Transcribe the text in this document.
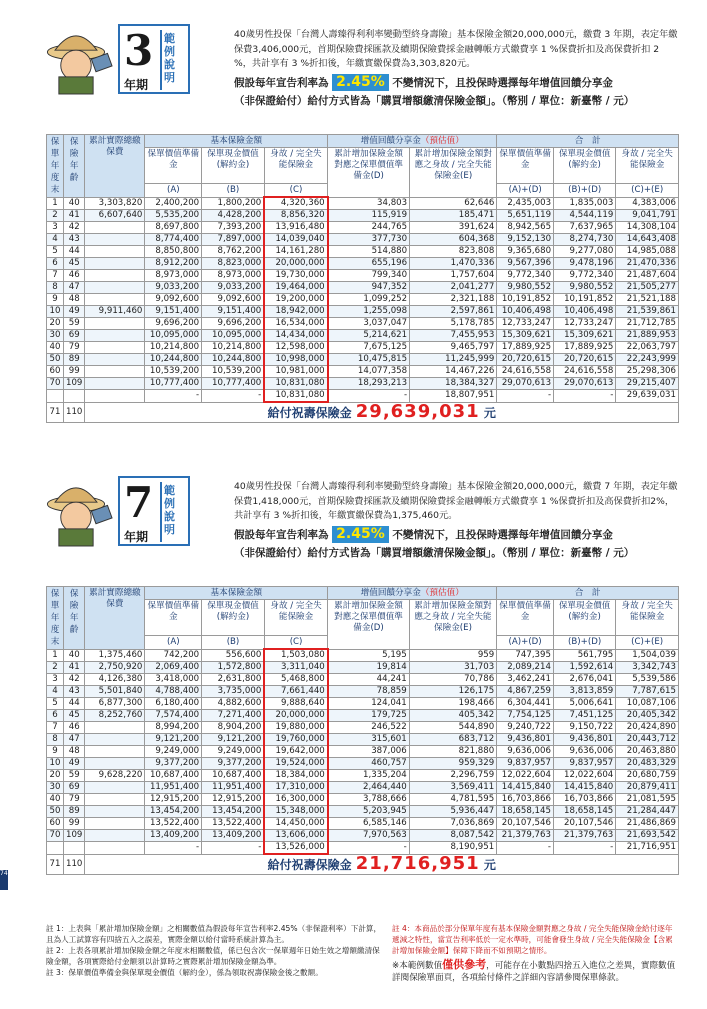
3 範例說明
年期
40歲男性投保「台灣人壽臻得利利率變動型終身壽險」基本保險金額20,000,000元，繳費 3 年期，表定年繳保費3,406,000元，首期保險費採匯款及續期保險費採金融轉帳方式繳費享 1 %保費折扣及高保費折扣 2 %，共計享有 3 %折扣後，年繳實繳保費為3,303,820元。
假設每年宣告利率為 2.45% 不變情況下，且投保時選擇每年增值回饋分享金
（非保證給付）給付方式皆為「購買增額繳清保險金額」。（幣別 / 單位：新臺幣 / 元）
保單年度末	保險年齡	累計實際總繳保費	基本保險金額			增值回饋分享金（預估值）		合　計		
			保單價值準備金	保單現金價值(解約金)	身故 / 完全失能保險金	累計增加保險金額對應之保單價值準備金(D)	累計增加保險金額對應之身故 / 完全失能保險金(E)	保單價值準備金	保單現金價值(解約金)	身故 / 完全失能保險金
			(A)	(B)	(C)			(A)+(D)	(B)+(D)	(C)+(E)
1	40	3,303,820	2,400,200	1,800,200	4,320,360	34,803	62,646	2,435,003	1,835,003	4,383,006
2	41	6,607,640	5,535,200	4,428,200	8,856,320	115,919	185,471	5,651,119	4,544,119	9,041,791
3	42		8,697,800	7,393,200	13,916,480	244,765	391,624	8,942,565	7,637,965	14,308,104
4	43		8,774,400	7,897,000	14,039,040	377,730	604,368	9,152,130	8,274,730	14,643,408
5	44		8,850,800	8,762,200	14,161,280	514,880	823,808	9,365,680	9,277,080	14,985,088
6	45		8,912,200	8,823,000	20,000,000	655,196	1,470,336	9,567,396	9,478,196	21,470,336
7	46		8,973,000	8,973,000	19,730,000	799,340	1,757,604	9,772,340	9,772,340	21,487,604
8	47		9,033,200	9,033,200	19,464,000	947,352	2,041,277	9,980,552	9,980,552	21,505,277
9	48		9,092,600	9,092,600	19,200,000	1,099,252	2,321,188	10,191,852	10,191,852	21,521,188
10	49	9,911,460	9,151,400	9,151,400	18,942,000	1,255,098	2,597,861	10,406,498	10,406,498	21,539,861
20	59		9,696,200	9,696,200	16,534,000	3,037,047	5,178,785	12,733,247	12,733,247	21,712,785
30	69		10,095,000	10,095,000	14,434,000	5,214,621	7,455,953	15,309,621	15,309,621	21,889,953
40	79		10,214,800	10,214,800	12,598,000	7,675,125	9,465,797	17,889,925	17,889,925	22,063,797
50	89		10,244,800	10,244,800	10,998,000	10,475,815	11,245,999	20,720,615	20,720,615	22,243,999
60	99		10,539,200	10,539,200	10,981,000	14,077,358	14,467,226	24,616,558	24,616,558	25,298,306
70	109		10,777,400	10,777,400	10,831,080	18,293,213	18,384,327	29,070,613	29,070,613	29,215,407
			-	-	10,831,080	-	18,807,951	-	-	29,639,031
71	110	給付祝壽保險金 29,639,031 元								
7 範例說明
年期
40歲男性投保「台灣人壽臻得利利率變動型終身壽險」基本保險金額20,000,000元，繳費 7 年期，表定年繳保費1,418,000元，首期保險費採匯款及續期保險費採金融轉帳方式繳費享 1 %保費折扣及高保費折扣2%，共計享有 3 %折扣後，年繳實繳保費為1,375,460元。
假設每年宣告利率為 2.45% 不變情況下，且投保時選擇每年增值回饋分享金
（非保證給付）給付方式皆為「購買增額繳清保險金額」。（幣別 / 單位：新臺幣 / 元）
保單年度末	保險年齡	累計實際總繳保費	基本保險金額			增值回饋分享金（預估值）		合　計		
			保單價值準備金	保單現金價值(解約金)	身故 / 完全失能保險金	累計增加保險金額對應之保單價值準備金(D)	累計增加保險金額對應之身故 / 完全失能保險金(E)	保單價值準備金	保單現金價值(解約金)	身故 / 完全失能保險金
			(A)	(B)	(C)			(A)+(D)	(B)+(D)	(C)+(E)
1	40	1,375,460	742,200	556,600	1,503,080	5,195	959	747,395	561,795	1,504,039
2	41	2,750,920	2,069,400	1,572,800	3,311,040	19,814	31,703	2,089,214	1,592,614	3,342,743
3	42	4,126,380	3,418,000	2,631,800	5,468,800	44,241	70,786	3,462,241	2,676,041	5,539,586
4	43	5,501,840	4,788,400	3,735,000	7,661,440	78,859	126,175	4,867,259	3,813,859	7,787,615
5	44	6,877,300	6,180,400	4,882,600	9,888,640	124,041	198,466	6,304,441	5,006,641	10,087,106
6	45	8,252,760	7,574,400	7,271,400	20,000,000	179,725	405,342	7,754,125	7,451,125	20,405,342
7	46		8,994,200	8,904,200	19,880,000	246,522	544,890	9,240,722	9,150,722	20,424,890
8	47		9,121,200	9,121,200	19,760,000	315,601	683,712	9,436,801	9,436,801	20,443,712
9	48		9,249,000	9,249,000	19,642,000	387,006	821,880	9,636,006	9,636,006	20,463,880
10	49		9,377,200	9,377,200	19,524,000	460,757	959,329	9,837,957	9,837,957	20,483,329
20	59	9,628,220	10,687,400	10,687,400	18,384,000	1,335,204	2,296,759	12,022,604	12,022,604	20,680,759
30	69		11,951,400	11,951,400	17,310,000	2,464,440	3,569,411	14,415,840	14,415,840	20,879,411
40	79		12,915,200	12,915,200	16,300,000	3,788,666	4,781,595	16,703,866	16,703,866	21,081,595
50	89		13,454,200	13,454,200	15,348,000	5,203,945	5,936,447	18,658,145	18,658,145	21,284,447
60	99		13,522,400	13,522,400	14,450,000	6,585,146	7,036,869	20,107,546	20,107,546	21,486,869
70	109		13,409,200	13,409,200	13,606,000	7,970,563	8,087,542	21,379,763	21,379,763	21,693,542
			-	-	13,526,000	-	8,190,951	-	-	21,716,951
71	110	給付祝壽保險金 21,716,951 元								
註 1：上表與「累計增加保險金額」之相關數值為假設每年宣告利率2.45%（非保證利率）下計算，且為人工試算容有四捨五入之誤差，實際金額以給付當時系統計算為主。
註 2：上表各項累計增加保險金額之年度末相關數值，係已包含次一保單週年日始生效之增額繳清保險金額，各項實際給付金額須以計算時之實際累計增加保險金額為準。
註 3：保單價值準備金與保單現金價值（解約金），係為領取祝壽保險金後之數額。
註 4：本商品於部分保單年度有基本保險金額對應之身故 / 完全失能保險金給付逐年遞減之特性，當宣告利率低於一定水準時，可能會發生身故 / 完全失能保險金【含累計增加保險金額】保障下降而不如預期之情形。
※本範例數值僅供參考，可能存在小數點四捨五入進位之差異，實際數值詳閱保險單面頁，各項給付條件之詳細內容請參閱保單條款。
74
